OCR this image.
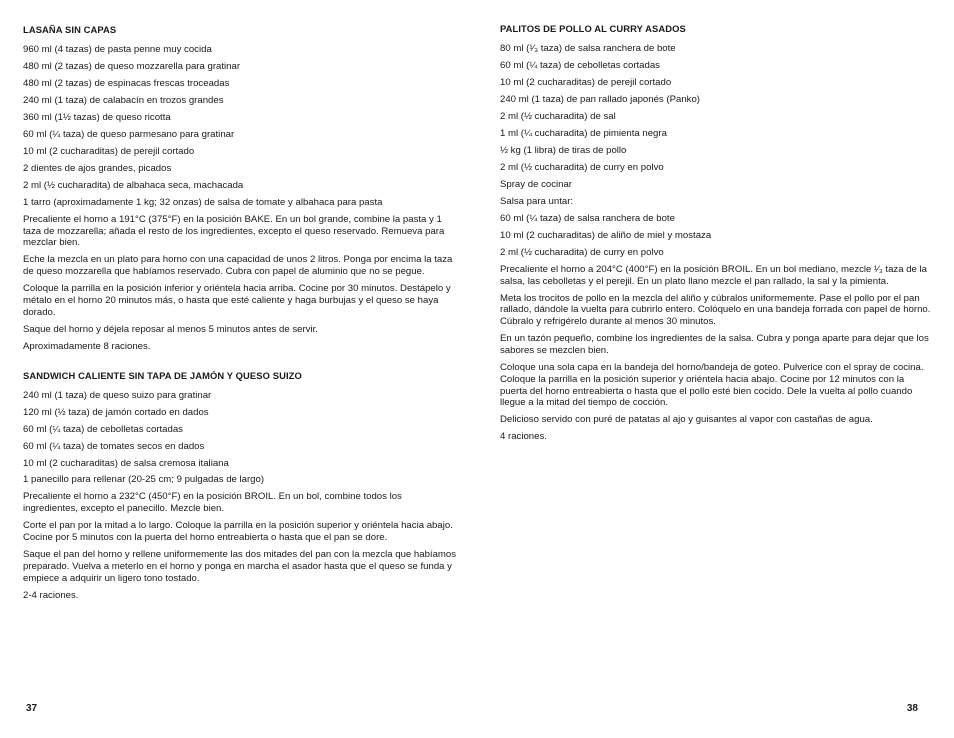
LASAÑA SIN CAPAS

960 ml (4 tazas) de pasta penne muy cocida

480 ml (2 tazas) de queso mozzarella para gratinar

480 ml (2 tazas) de espinacas frescas troceadas

240 ml (1 taza) de calabacín en trozos grandes

360 ml (1½ tazas) de queso ricotta

60 ml (¼ taza) de queso parmesano para gratinar

10 ml (2 cucharaditas) de perejil cortado

2 dientes de ajos grandes, picados

2 ml (½ cucharadita) de albahaca seca, machacada

1 tarro (aproximadamente 1 kg; 32 onzas) de salsa de tomate y albahaca para pasta

Precaliente el horno a 191°C (375°F) en la posición BAKE. En un bol grande, combine la pasta y 1 taza de mozzarella; añada el resto de los ingredientes, excepto el queso reservado. Remueva para mezclar bien.

Eche la mezcla en un plato para horno con una capacidad de unos 2 litros. Ponga por encima la taza de queso mozzarella que habíamos reservado. Cubra con papel de aluminio que no se pegue.

Coloque la parrilla en la posición inferior y oriéntela hacia arriba. Cocine por 30 minutos. Destápelo y métalo en el horno 20 minutos más, o hasta que esté caliente y haga burbujas y el queso se haya dorado.

Saque del horno y déjela reposar al menos 5 minutos antes de servir.

Aproximadamente 8 raciones.

SANDWICH CALIENTE SIN TAPA DE JAMÓN Y QUESO SUIZO

240 ml (1 taza) de queso suizo para gratinar

120 ml (½ taza) de jamón cortado en dados

60 ml (¼ taza) de cebolletas cortadas

60 ml (¼ taza) de tomates secos en dados

10 ml (2 cucharaditas) de salsa cremosa italiana

1 panecillo para rellenar (20-25 cm; 9 pulgadas de largo)

Precaliente el horno a 232°C (450°F) en la posición BROIL. En un bol, combine todos los ingredientes, excepto el panecillo. Mezcle bien.

Corte el pan por la mitad a lo largo. Coloque la parrilla en la posición superior y oriéntela hacia abajo. Cocine por 5 minutos con la puerta del horno entreabierta o hasta que el pan se dore.

Saque el pan del horno y rellene uniformemente las dos mitades del pan con la mezcla que habíamos preparado. Vuelva a meterlo en el horno y ponga en marcha el asador hasta que el queso se funda y empiece a adquirir un ligero tono tostado.

2-4 raciones.

37
PALITOS DE POLLO AL CURRY ASADOS

80 ml (¹⁄₃ taza) de salsa ranchera de bote

60 ml (¼ taza) de cebolletas cortadas

10 ml (2 cucharaditas) de perejil cortado

240 ml (1 taza) de pan rallado japonés (Panko)

2 ml (½ cucharadita) de sal

1 ml (¼ cucharadita) de pimienta negra

½ kg (1 libra) de tiras de pollo

2 ml (½ cucharadita) de curry en polvo

Spray de cocinar

Salsa para untar:

60 ml (¼ taza) de salsa ranchera de bote

10 ml (2 cucharaditas) de aliño de miel y mostaza

2 ml (½ cucharadita) de curry en polvo

Precaliente el horno a 204°C (400°F) en la posición BROIL. En un bol mediano, mezcle ¹⁄₃ taza de la salsa, las cebolletas y el perejil. En un plato llano mezcle el pan rallado, la sal y la pimienta.

Meta los trocitos de pollo en la mezcla del aliño y cúbralos uniformemente. Pase el pollo por el pan rallado, dándole la vuelta para cubrirlo entero. Colóquelo en una bandeja forrada con papel de horno. Cúbralo y refrigérelo durante al menos 30 minutos.

En un tazón pequeño, combine los ingredientes de la salsa. Cubra y ponga aparte para dejar que los sabores se mezclen bien.

Coloque una sola capa en la bandeja del horno/bandeja de goteo. Pulverice con el spray de cocina. Coloque la parrilla en la posición superior y oriéntela hacia abajo. Cocine por 12 minutos con la puerta del horno entreabierta o hasta que el pollo esté bien cocido. Dele la vuelta al pollo cuando llegue a la mitad del tiempo de cocción.

Delicioso servido con puré de patatas al ajo y guisantes al vapor con castañas de agua.

4 raciones.

38
